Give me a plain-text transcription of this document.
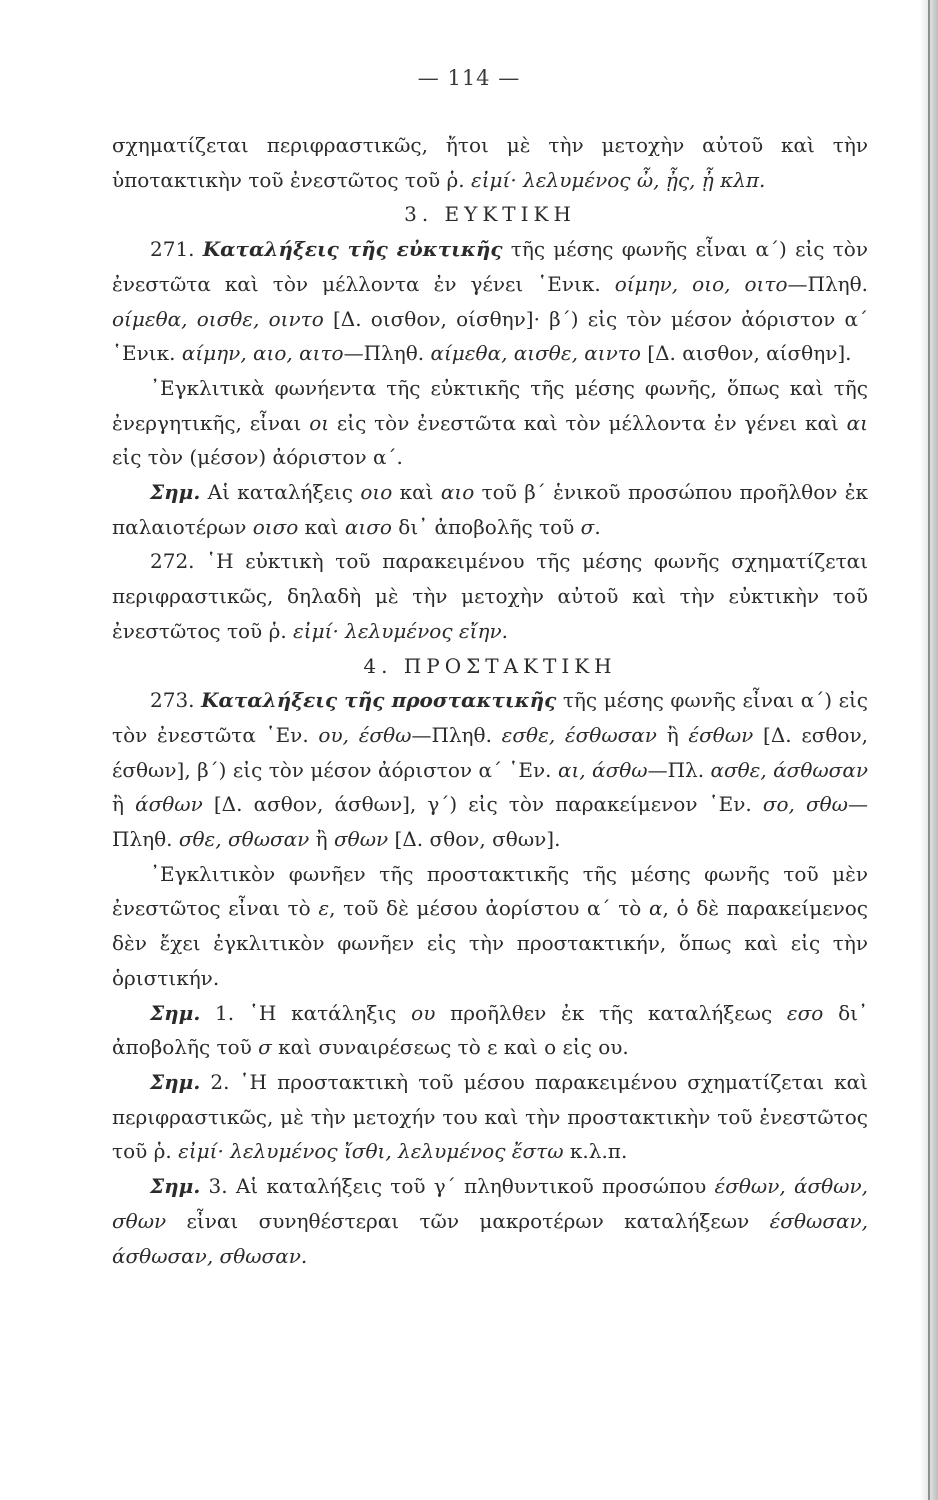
— 114 —

σχηματίζεται περιφραστικῶς, ἤτοι μὲ τὴν μετοχὴν αὐτοῦ καὶ τὴν ὑποτακτικὴν τοῦ ἐνεστῶτος τοῦ ῥ. εἰμί· λελυμένος ὦ, ᾖς, ᾖ κλπ.

3. ΕΥΚΤΙΚΗ

271. Καταλήξεις τῆς εὐκτικῆς τῆς μέσης φωνῆς εἶναι α΄) εἰς τὸν ἐνεστῶτα καὶ τὸν μέλλοντα ἐν γένει ῾Ενικ. οίμην, οιο, οιτο—Πληθ. οίμεθα, οισθε, οιντο [Δ. οισθον, οίσθην]· β΄) εἰς τὸν μέσον ἀόριστον α΄ ῾Ενικ. αίμην, αιο, αιτο—Πληθ. αίμεθα, αισθε, αιντο [Δ. αισθον, αίσθην].

᾿Εγκλιτικὰ φωνήεντα τῆς εὐκτικῆς τῆς μέσης φωνῆς, ὅπως καὶ τῆς ἐνεργητικῆς, εἶναι οι εἰς τὸν ἐνεστῶτα καὶ τὸν μέλλοντα ἐν γένει καὶ αι εἰς τὸν (μέσον) ἀόριστον α΄.

Σημ. Αἱ καταλήξεις οιο καὶ αιο τοῦ β΄ ἑνικοῦ προσώπου προῆλθον ἐκ παλαιοτέρων οισο καὶ αισο δι᾿ ἀποβολῆς τοῦ σ.

272. ῾Η εὐκτικὴ τοῦ παρακειμένου τῆς μέσης φωνῆς σχηματίζεται περιφραστικῶς, δηλαδὴ μὲ τὴν μετοχὴν αὐτοῦ καὶ τὴν εὐκτικὴν τοῦ ἐνεστῶτος τοῦ ῥ. εἰμί· λελυμένος εἴην.

4. ΠΡΟΣΤΑΚΤΙΚΗ

273. Καταλήξεις τῆς προστακτικῆς τῆς μέσης φωνῆς εἶναι α΄) εἰς τὸν ἐνεστῶτα ῾Εν. ου, έσθω—Πληθ. εσθε, έσθωσαν ἢ έσθων [Δ. εσθον, έσθων], β΄) εἰς τὸν μέσον ἀόριστον α΄ ῾Εν. αι, άσθω—Πλ. ασθε, άσθωσαν ἢ άσθων [Δ. ασθον, άσθων], γ΄) εἰς τὸν παρακείμενον ῾Εν. σο, σθω—Πληθ. σθε, σθωσαν ἢ σθων [Δ. σθον, σθων].

᾿Εγκλιτικὸν φωνῆεν τῆς προστακτικῆς τῆς μέσης φωνῆς τοῦ μὲν ἐνεστῶτος εἶναι τὸ ε, τοῦ δὲ μέσου ἀορίστου α΄ τὸ α, ὁ δὲ παρακείμενος δὲν ἔχει ἐγκλιτικὸν φωνῆεν εἰς τὴν προστακτικήν, ὅπως καὶ εἰς τὴν ὁριστικήν.

Σημ. 1. ῾Η κατάληξις ου προῆλθεν ἐκ τῆς καταλήξεως εσο δι᾿ ἀποβολῆς τοῦ σ καὶ συναιρέσεως τὸ ε καὶ ο εἰς ου.

Σημ. 2. ῾Η προστακτικὴ τοῦ μέσου παρακειμένου σχηματίζεται καὶ περιφραστικῶς, μὲ τὴν μετοχήν του καὶ τὴν προστακτικὴν τοῦ ἐνεστῶτος τοῦ ῥ. εἰμί· λελυμένος ἴσθι, λελυμένος ἔστω κ.λ.π.

Σημ. 3. Αἱ καταλήξεις τοῦ γ΄ πληθυντικοῦ προσώπου έσθων, άσθων, σθων εἶναι συνηθέστεραι τῶν μακροτέρων καταλήξεων έσθωσαν, άσθωσαν, σθωσαν.
